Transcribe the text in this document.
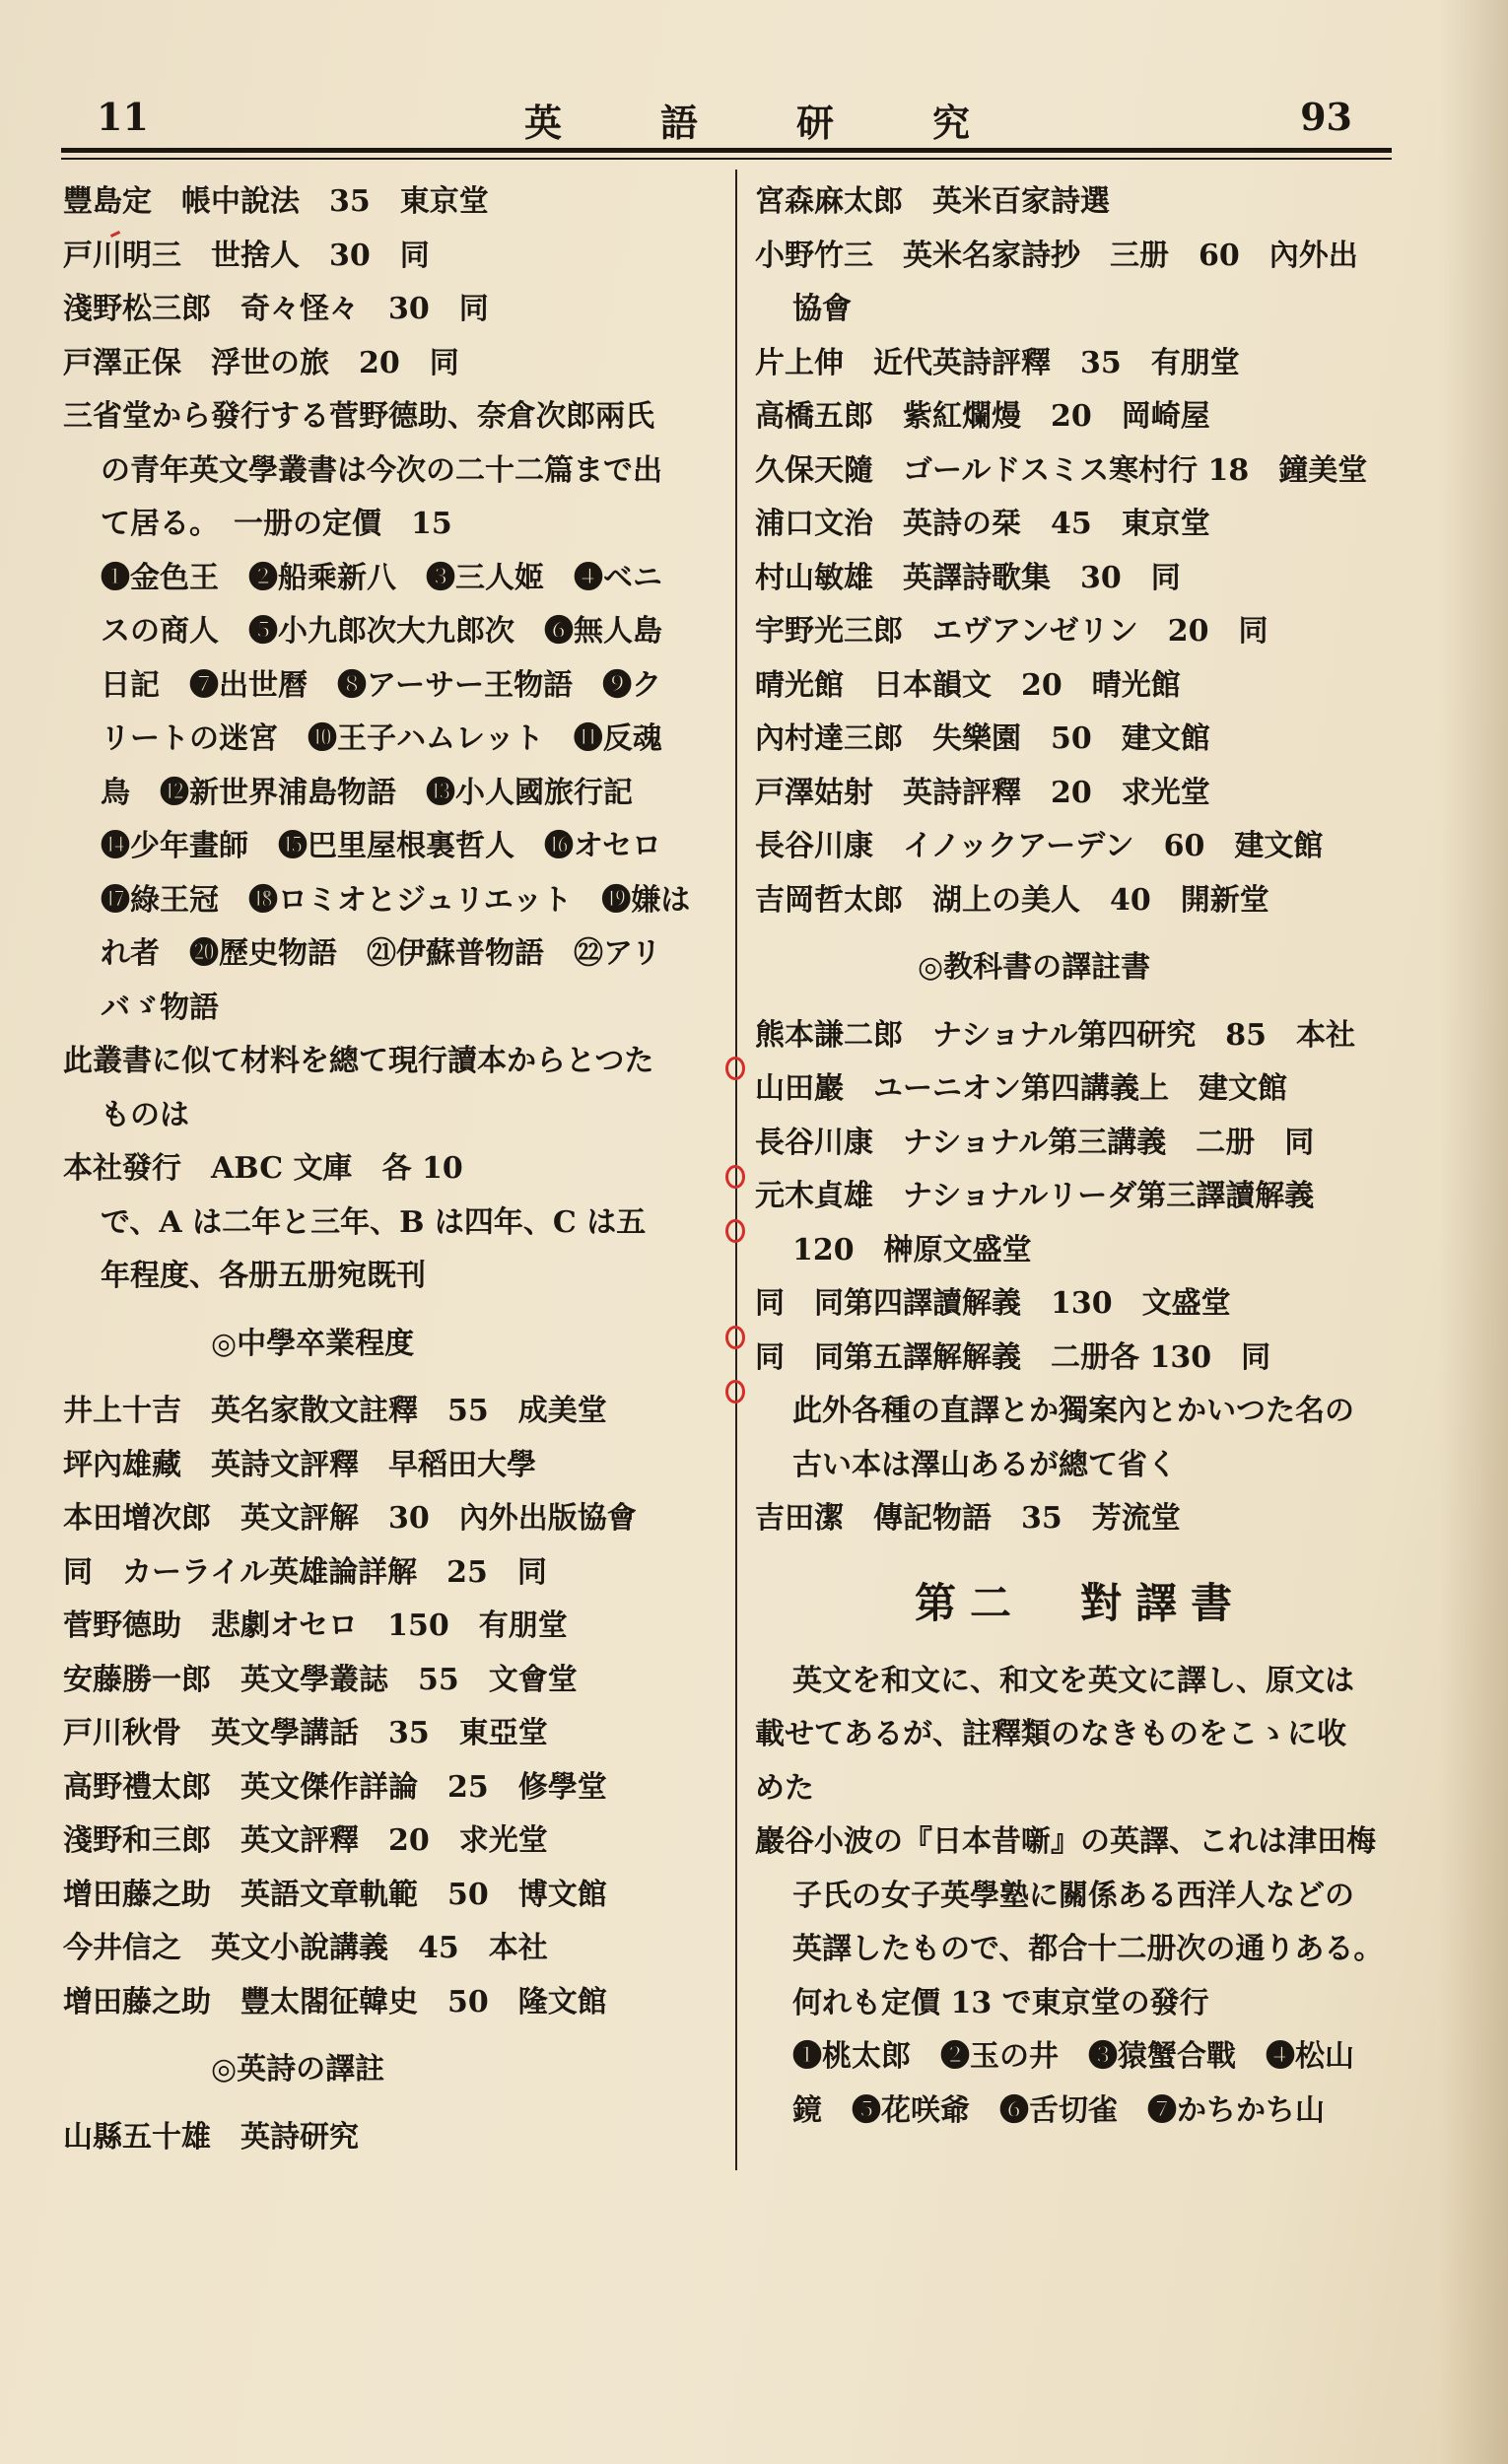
11	英語研究	93
豐島定　帳中說法　35　東京堂
戸川明三　世捨人　30　同
淺野松三郎　奇々怪々　30　同
戸澤正保　浮世の旅　20　同
三省堂から發行する菅野德助、奈倉次郎兩氏
の青年英文學叢書は今次の二十二篇まで出
て居る。　一册の定價　15
❶金色王　❷船乘新八　❸三人姬　❹ベニ
スの商人　❺小九郎次大九郎次　❻無人島
日記　❼出世曆　❽アーサー王物語　❾ク
リートの迷宮　❿王子ハムレット　⓫反魂
鳥　⓬新世界浦島物語　⓭小人國旅行記
⓮少年畫師　⓯巴里屋根裏哲人　⓰オセロ
⓱綠王冠　⓲ロミオとジュリエット　⓳嫌は
れ者　⓴歷史物語　㉑伊蘇普物語　㉒アリ
バゞ物語
此叢書に似て材料を總て現行讀本からとつた
ものは
本社發行　ABC 文庫　各 10
で、A は二年と三年、B は四年、C は五
年程度、各册五册宛既刊
◎中學卒業程度
井上十吉　英名家散文註釋　55　成美堂
坪內雄藏　英詩文評釋　早稻田大學
本田增次郎　英文評解　30　內外出版協會
同　カーライル英雄論詳解　25　同
菅野德助　悲劇オセロ　150　有朋堂
安藤勝一郎　英文學叢誌　55　文會堂
戸川秋骨　英文學講話　35　東亞堂
高野禮太郎　英文傑作詳論　25　修學堂
淺野和三郎　英文評釋　20　求光堂
增田藤之助　英語文章軌範　50　博文館
今井信之　英文小說講義　45　本社
增田藤之助　豐太閤征韓史　50　隆文館
◎英詩の譯註
山縣五十雄　英詩研究
宮森麻太郎　英米百家詩選
小野竹三　英米名家詩抄　三册　60　內外出
協會
片上伸　近代英詩評釋　35　有朋堂
高橋五郎　紫紅爛熳　20　岡崎屋
久保天隨　ゴールドスミス寒村行 18　鐘美堂
浦口文治　英詩の栞　45　東京堂
村山敏雄　英譯詩歌集　30　同
宇野光三郎　エヴアンゼリン　20　同
晴光館　日本韻文　20　晴光館
內村達三郎　失樂園　50　建文館
戸澤姑射　英詩評釋　20　求光堂
長谷川康　イノックアーデン　60　建文館
吉岡哲太郎　湖上の美人　40　開新堂
◎教科書の譯註書
熊本謙二郎　ナショナル第四研究　85　本社
山田巖　ユーニオン第四講義上　建文館
長谷川康　ナショナル第三講義　二册　同
元木貞雄　ナショナルリーダ第三譯讀解義
120　榊原文盛堂
同　同第四譯讀解義　130　文盛堂
同　同第五譯解解義　二册各 130　同
此外各種の直譯とか獨案內とかいつた名の
古い本は澤山あるが總て省く
吉田潔　傳記物語　35　芳流堂
第二　對譯書
英文を和文に、和文を英文に譯し、原文は
載せてあるが、註釋類のなきものをこゝに收
めた
巖谷小波の『日本昔噺』の英譯、これは津田梅
子氏の女子英學塾に關係ある西洋人などの
英譯したもので、都合十二册次の通りある。
何れも定價 13 で東京堂の發行
❶桃太郎　❷玉の井　❸猿蟹合戰　❹松山
鏡　❺花咲爺　❻舌切雀　❼かちかち山
